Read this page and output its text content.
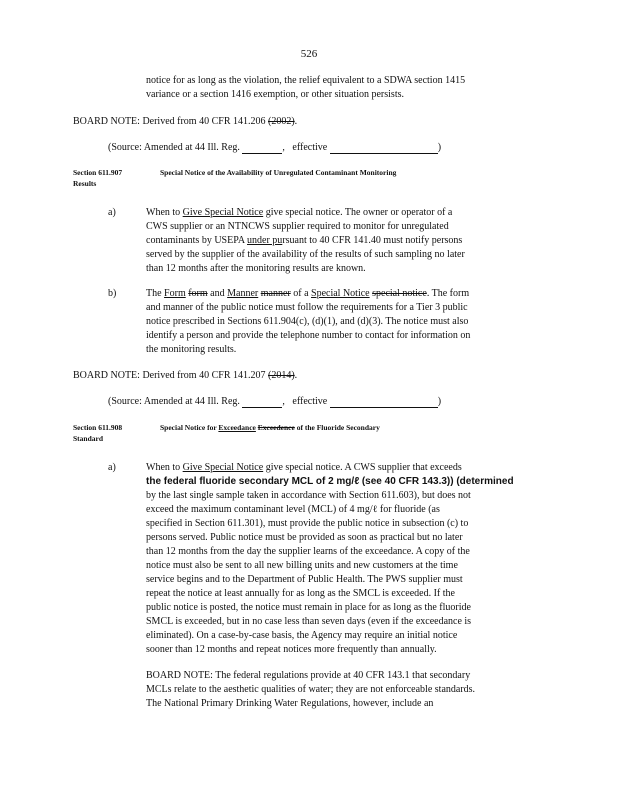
526
notice for as long as the violation, the relief equivalent to a SDWA section 1415
variance or a section 1416 exemption, or other situation persists.
BOARD NOTE: Derived from 40 CFR 141.206 (2002).
(Source: Amended at 44 Ill. Reg.	, effective	)
Section 611.907	Special Notice of the Availability of Unregulated Contaminant Monitoring
Results
a)	When to Give Special Notice give special notice. The owner or operator of a
CWS supplier or an NTNCWS supplier required to monitor for unregulated
contaminants by USEPA under pursuant to 40 CFR 141.40 must notify persons
served by the supplier of the availability of the results of such sampling no later
than 12 months after the monitoring results are known.
b)	The Form form and Manner manner of a Special Notice special notice. The form
and manner of the public notice must follow the requirements for a Tier 3 public
notice prescribed in Sections 611.904(c), (d)(1), and (d)(3). The notice must also
identify a person and provide the telephone number to contact for information on
the monitoring results.
BOARD NOTE: Derived from 40 CFR 141.207 (2014).
(Source: Amended at 44 Ill. Reg.	, effective	)
Section 611.908	Special Notice for Exceedance Exceedence of the Fluoride Secondary
Standard
a)	When to Give Special Notice give special notice. A CWS supplier that exceeds
the federal fluoride secondary MCL of 2 mg/ℓ (see 40 CFR 143.3)) (determined
by the last single sample taken in accordance with Section 611.603), but does not
exceed the maximum contaminant level (MCL) of 4 mg/ℓ for fluoride (as
specified in Section 611.301), must provide the public notice in subsection (c) to
persons served. Public notice must be provided as soon as practical but no later
than 12 months from the day the supplier learns of the exceedance. A copy of the
notice must also be sent to all new billing units and new customers at the time
service begins and to the Department of Public Health. The PWS supplier must
repeat the notice at least annually for as long as the SMCL is exceeded. If the
public notice is posted, the notice must remain in place for as long as the fluoride
SMCL is exceeded, but in no case less than seven days (even if the exceedance is
eliminated). On a case-by-case basis, the Agency may require an initial notice
sooner than 12 months and repeat notices more frequently than annually.
BOARD NOTE: The federal regulations provide at 40 CFR 143.1 that secondary
MCLs relate to the aesthetic qualities of water; they are not enforceable standards.
The National Primary Drinking Water Regulations, however, include an
